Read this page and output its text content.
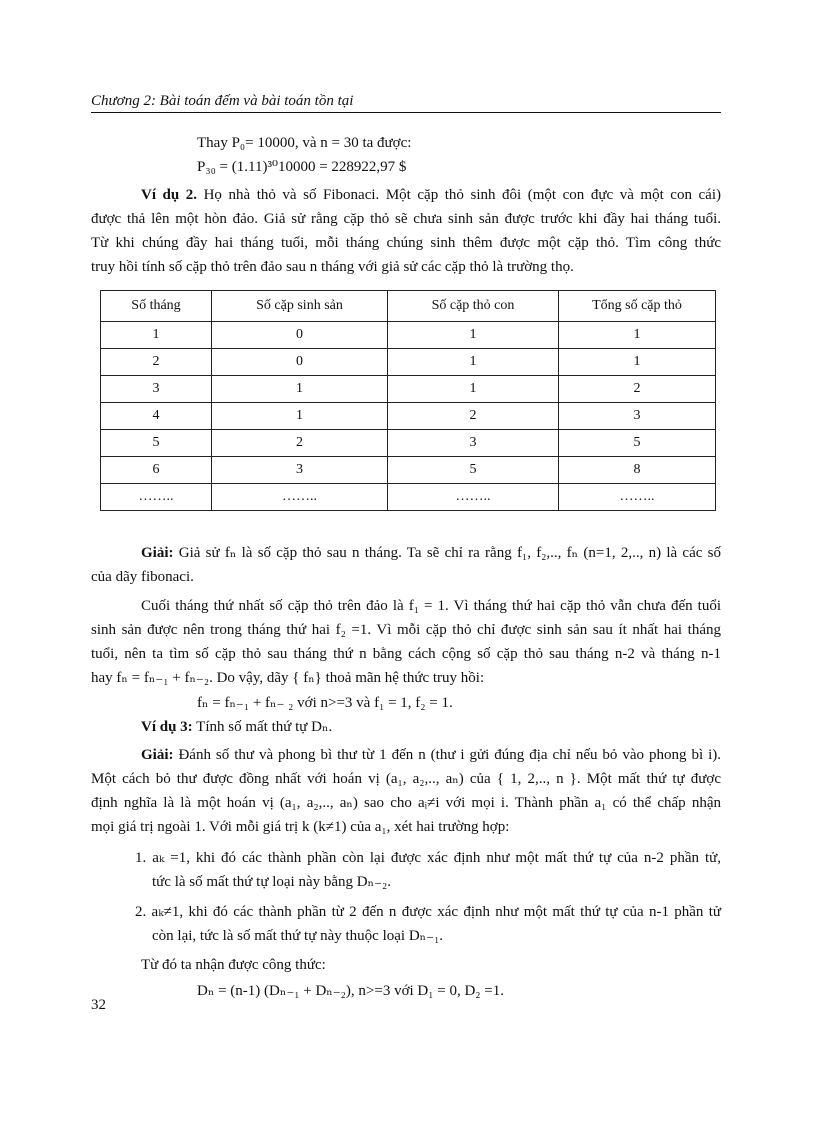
Chương 2: Bài toán đếm và bài toán tồn tại
Thay P₀= 10000, và n = 30 ta được:
P₃₀ = (1.11)³⁰10000 = 228922,97 $
Ví dụ 2. Họ nhà thỏ và số Fibonaci. Một cặp thỏ sinh đôi (một con đực và một con cái)
được thả lên một hòn đảo. Giả sử rằng cặp thỏ sẽ chưa sinh sản được trước khi đầy hai tháng tuổi.
Từ khi chúng đầy hai tháng tuổi, mỗi tháng chúng sinh thêm được một cặp thỏ. Tìm công thức
truy hồi tính số cặp thỏ trên đảo sau n tháng với giả sử các cặp thỏ là trường thọ.
Số tháng	Số cặp sinh sản	Số cặp thỏ con	Tổng số cặp thỏ
1	0	1	1
2	0	1	1
3	1	1	2
4	1	2	3
5	2	3	5
6	3	5	8
……..	……..	……..	……..
Giải: Giả sử fₙ là số cặp thỏ sau n tháng. Ta sẽ chỉ ra rằng f₁, f₂,.., fₙ (n=1, 2,.., n) là các số
của dãy fibonaci.
Cuối tháng thứ nhất số cặp thỏ trên đảo là f₁ = 1. Vì tháng thứ hai cặp thỏ vẫn chưa đến tuổi
sinh sản được nên trong tháng thứ hai f₂ =1. Vì mỗi cặp thỏ chỉ được sinh sản sau ít nhất hai tháng
tuổi, nên ta tìm số cặp thỏ sau tháng thứ n bằng cách cộng số cặp thỏ sau tháng n-2 và tháng n-1
hay fₙ = fₙ₋₁ + fₙ₋₂. Do vậy, dãy { fₙ} thoả mãn hệ thức truy hồi:
fₙ = fₙ₋₁ + fₙ₋ ₂ với n>=3 và f₁ = 1, f₂ = 1.
Ví dụ 3: Tính số mất thứ tự Dₙ.
Giải: Đánh số thư và phong bì thư từ 1 đến n (thư i gửi đúng địa chỉ nếu bỏ vào phong bì i).
Một cách bỏ thư được đồng nhất với hoán vị (a₁, a₂,.., aₙ) của { 1, 2,.., n }. Một mất thứ tự được
định nghĩa là là một hoán vị (a₁, a₂,.., aₙ) sao cho aᵢ≠i với mọi i. Thành phần a₁ có thể chấp nhận
mọi giá trị ngoài 1. Với mỗi giá trị k (k≠1) của a₁, xét hai trường hợp:
1. aₖ =1, khi đó các thành phần còn lại được xác định như một mất thứ tự của n-2 phần tử,
tức là số mất thứ tự loại này bằng Dₙ₋₂.
2. aₖ≠1, khi đó các thành phần từ 2 đến n được xác định như một mất thứ tự của n-1 phần tử
còn lại, tức là số mất thứ tự này thuộc loại Dₙ₋₁.
Từ đó ta nhận được công thức:
Dₙ = (n-1) (Dₙ₋₁ + Dₙ₋₂), n>=3 với D₁ = 0, D₂ =1.
32
